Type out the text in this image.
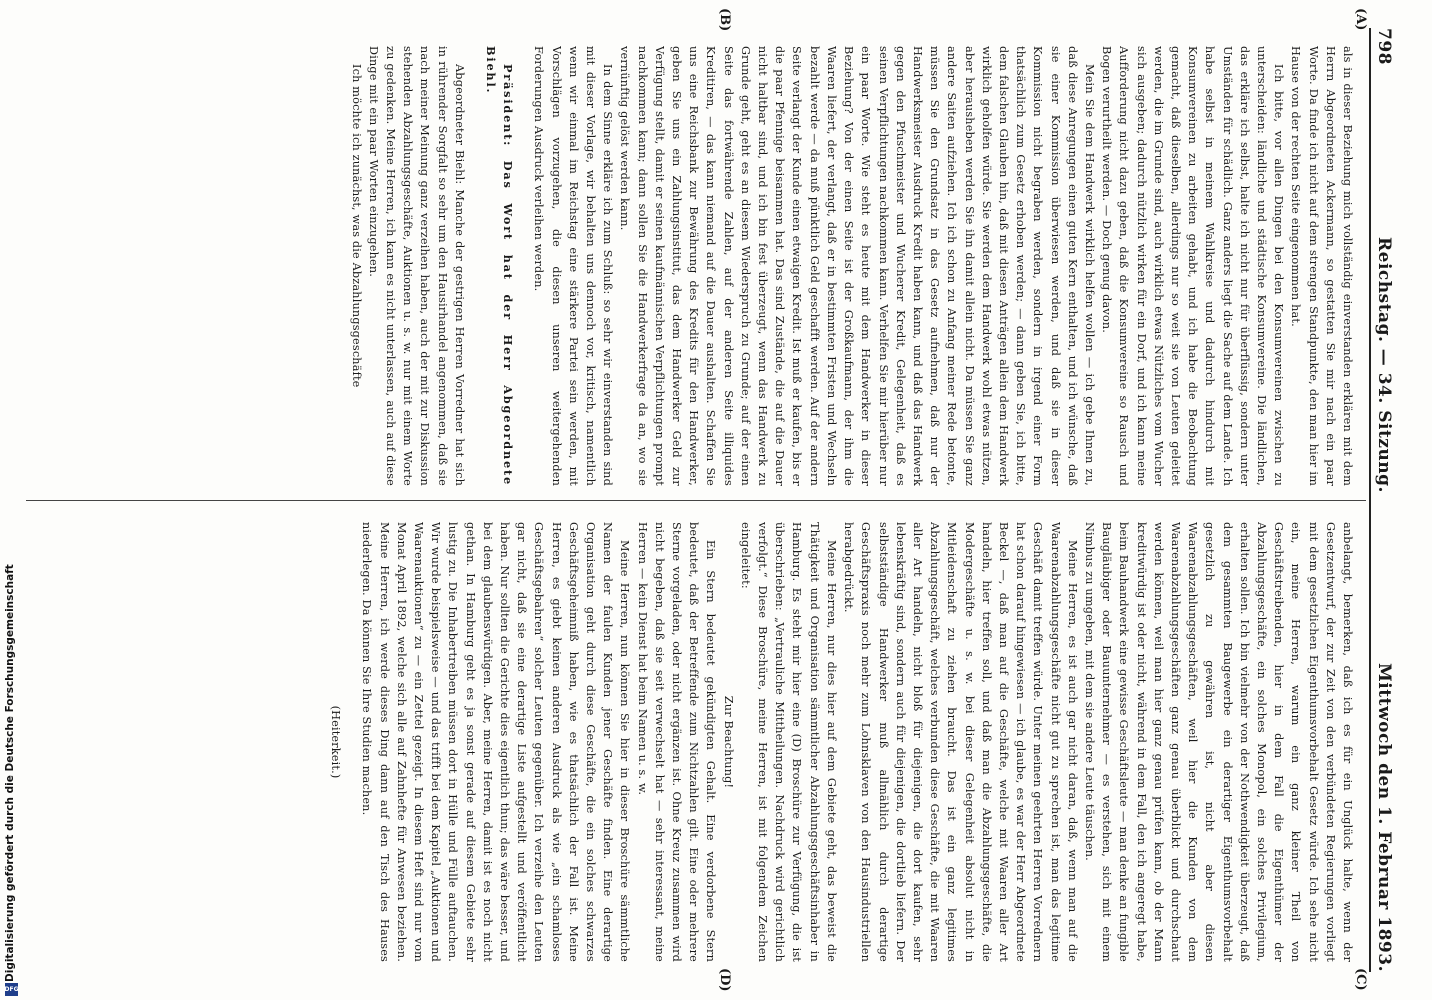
798
Reichstag. — 34. Sitzung.
Mittwoch den 1. Februar 1893.
(A)
(B)
(C)
(D)

als in dieser Beziehung mich vollständig einverstanden erklären mit dem Herrn Abgeordneten Ackermann, so gestatten Sie mir nach ein paar Worte. Da finde ich nicht auf dem strengen Standpunkte, den man hier im Hause von der rechten Seite eingenommen hat.

Ich bitte, vor allen Dingen bei den Konsumvereinen zwischen zu unterscheiden: ländliche und städtische Konsumvereine. Die ländlichen, das erkläre ich selbst, halte ich nicht nur für überflüssig, sondern unter Umständen für schädlich. Ganz anders liegt die Sache auf dem Lande. Ich habe selbst in meinem Wahlkreise und dadurch hindurch mit Konsumvereinen zu arbeiten gehabt, und ich habe die Beobachtung gemacht, daß dieselben, allerdings nur so weit sie von Leuten geleitet werden, die im Grunde sind, auch wirklich etwas Nützliches vom Wucher sich ausgeben; dadurch nützlich wirken für ein Dorf, und ich kann meine Aufforderung nicht dazu geben, daß die Konsumvereine so Rausch und Bogen verurtheilt werden. — Doch genug davon.

Mein Sie dem Handwerk wirklich helfen wollen — ich gebe Ihnen zu, daß diese Anregungen einen guten Kern enthalten, und ich wünsche, daß sie einer Kommission überwiesen werden, und daß sie in dieser Kommission nicht begraben werden, sondern in irgend einer Form thatsächlich zum Gesetz erhoben werden; — dann geben Sie, ich bitte, dem falschen Glauben hin, daß mit diesen Anträgen allein dem Handwerk wirklich geholfen würde. Sie werden dem Handwerk wohl etwas nützen, aber herausheben werden Sie ihn damit allein nicht. Da müssen Sie ganz andere Saiten aufziehen. Ich ich schon zu Anfang meiner Rede betonte, müssen Sie den Grundsatz in das Gesetz aufnehmen, daß nur der Handwerksmeister Ausdruck Kredit haben kann, und daß das Handwerk gegen den Pfuschmeister und Wucherer Kredit, Gelegenheit, daß es seinen Verpflichtungen nachkommen kann. Verhelfen Sie mir hierüber nur ein paar Worte. Wie steht es heute mit dem Handwerker in dieser Beziehung? Von der einen Seite ist der Großkaufmann, der ihm die Waaren liefert, der verlangt, daß er in bestimmten Fristen und Wechseln bezahlt werde — da muß pünktlich Geld geschafft werden. Auf der andern Seite verlangt der Kunde einen etwaigen Kredit. Ist muß er kaufen, bis er die paar Pfennige beisammen hat. Das sind Zustände, die auf die Dauer nicht haltbar sind, und ich bin fest überzeugt, wenn das Handwerk zu Grunde geht, geht es an diesem Wiederspruch zu Grunde; auf der einen Seite das fortwährende Zahlen, auf der anderen Seite illiquides Kreditiren, — das kann niemand auf die Dauer aushalten. Schaffen Sie uns eine Reichsbank zur Bewährung des Kredits für den Handwerker, geben Sie uns ein Zahlungsinstitut, das dem Handwerker Geld zur Verfügung stellt, damit er seinen kaufmännischen Verpflichtungen prompt nachkommen kann; dann sollen Sie die Handwerkerfrage da an, wo sie vernünftig gelöst werden kann.

In dem Sinne erkläre ich zum Schluß: so sehr wir einverstanden sind mit dieser Vorlage, wir behalten uns dennoch vor, kritisch, namentlich wenn wir einmal im Reichstag eine stärkere Partei sein werden, mit Vorschlägen vorzugehen, die diesen unseren weitergehenden Forderungen Ausdruck verleihen werden.

Präsident: Das Wort hat der Herr Abgeordnete Biehl.

Abgeordneter Biehl: Manche der gestrigen Herren Vorredner hat sich in rührender Sorgfalt so sehr um den Hausirhandel angenommen, daß sie nach meiner Meinung ganz verzeihen haben, auch der mit zur Diskussion stehenden Abzahlungsgeschäfte, Auktionen u. s. w. nur mit einem Worte zu gedenken. Meine Herren, ich kann es nicht unterlassen, auch auf diese Dinge mit ein paar Worten einzugehen.

Ich möchte ich zunächst, was die Abzahlungsgeschäfte

anbelangt, bemerken, daß ich es für ein Unglück halte, wenn der Gesetzentwurf, der zur Zeit von den verbündeten Regierungen vorliegt mit dem gesetzlichen Eigenthumsvorbehalt Gesetz würde. Ich sehe nicht ein, meine Herren, warum ein ganz kleiner Theil von Geschäftstreibenden, hier in dem Fall die Eigenthümer der Abzahlungsgeschäfte, ein solches Monopol, ein solches Privilegium, erhalten sollen. Ich bin vielmehr von der Nothwendigkeit überzeugt, daß dem gesammten Baugewerbe ein derartiger Eigenthumsvorbehalt gesetzlich zu gewähren ist, nicht aber diesen Waarenabzahlungsgeschäften, weil hier die Kunden von dem Waarenabzahlungsgeschäften ganz genau überblickt und durchschaut werden können, weil man hier ganz genau prüfen kann, ob der Mann kreditwürdig ist oder nicht, während in dem Fall, den ich angeregt habe, beim Bauhandwerk eine gewisse Geschäftsleute — man denke an fungible Baugläubiger oder Bauunternehmer — es verstehen, sich mit einem Nimbus zu umgeben, mit dem sie andere Leute täuschen.

Meine Herren, es ist auch gar nicht daran, daß, wenn man auf die Waarenabzahlungsgeschäfte nicht gut zu sprechen ist, man das legitime Geschäft damit treffen würde. Unter meinen geehrten Herren Vorrednern hat schon darauf hingewiesen — ich glaube, es war der Herr Abgeordnete Beckel —, daß man auf die Geschäfte, welche mit Waaren aller Art handeln, hier treffen soll, und daß man die Abzahlungsgeschäfte, die Modergeschäfte u. s. w. bei dieser Gelegenheit absolut nicht in Mitleidenschaft zu ziehen braucht. Das ist ein ganz legitimes Abzahlungsgeschäft, welches verbunden diese Geschäfte, die mit Waaren aller Art handeln, nicht bloß für diejenigen, die dort kaufen, sehr lebenskräftig sind, sondern auch für diejenigen, die dortlieb liefern. Der selbstständige Handwerker muß allmählich durch derartige Geschäftspraxis noch mehr zum Lohnsklaven von den Hausindustriellen herabgedrückt.

Meine Herren, nur dies hier auf dem Gebiete geht, das beweist die Thätigkeit und Organisation sämmtlicher Abzahlungsgeschäftsinhaber in Hamburg. Es steht mir hier eine (D) Broschüre zur Verfügung, die ist überschrieben: „Vertrauliche Mittheilungen. Nachdruck wird gerichtlich verfolgt.“ Diese Broschüre, meine Herren, ist mit folgendem Zeichen eingeleitet:

Zur Beachtung!

Ein Stern bedeutet gekündigten Gehalt. Eine verdorbene Stern bedeutet, daß der Betreffende zum Nichtzahlen gilt. Eine oder mehrere Sterne vorgeladen, oder nicht ergänzen ist. Ohne Kreuz zusammen wird nicht begeben, daß sie seit verwechselt hat — sehr interessant, meine Herren — kein Dienst hat beim Namen u. s. w.

Meine Herren, nun können Sie hier in dieser Broschüre sämmtliche Namen der faulen Kunden jener Geschäfte finden. Eine derartige Organisation geht durch diese Geschäfte, die ein solches schwarzes Geschäftsgeheimniß haben, wie es thatsächlich der Fall ist. Meine Herren, es giebt keinen anderen Ausdruck als wie „ein schamloses Geschäftsgebahren“ solcher Leuten gegenüber. Ich verzeihe den Leuten gar nicht, daß sie eine derartige Liste aufgestellt und veröffentlicht haben. Nur sollten die Gerichte dies eigentlich thun; das wäre besser, und bei dem glaubenswürdigen. Aber, meine Herren, damit ist es noch nicht gethan. In Hamburg geht es ja sonst gerade auf diesem Gebiete sehr lustig zu. Die Inhabertreiben müssen dort in Hülle und Fülle auftauchen. Wir wurde beispielsweise — und das trifft bei dem Kapitel „Auktionen und Waarenauktionen“ zu — ein Zettel gezeigt. In diesem Heft sind nur vom Monat April 1892, welche sich alle auf Zahnhefte für Anwesen beziehen. Meine Herren, ich werde dieses Ding dann auf den Tisch des Hauses niederlegen. Da können Sie Ihre Studien machen.

(Heiterkeit.)

Digitalisierung gefördert durch die Deutsche Forschungsgemeinschaft
DFG
